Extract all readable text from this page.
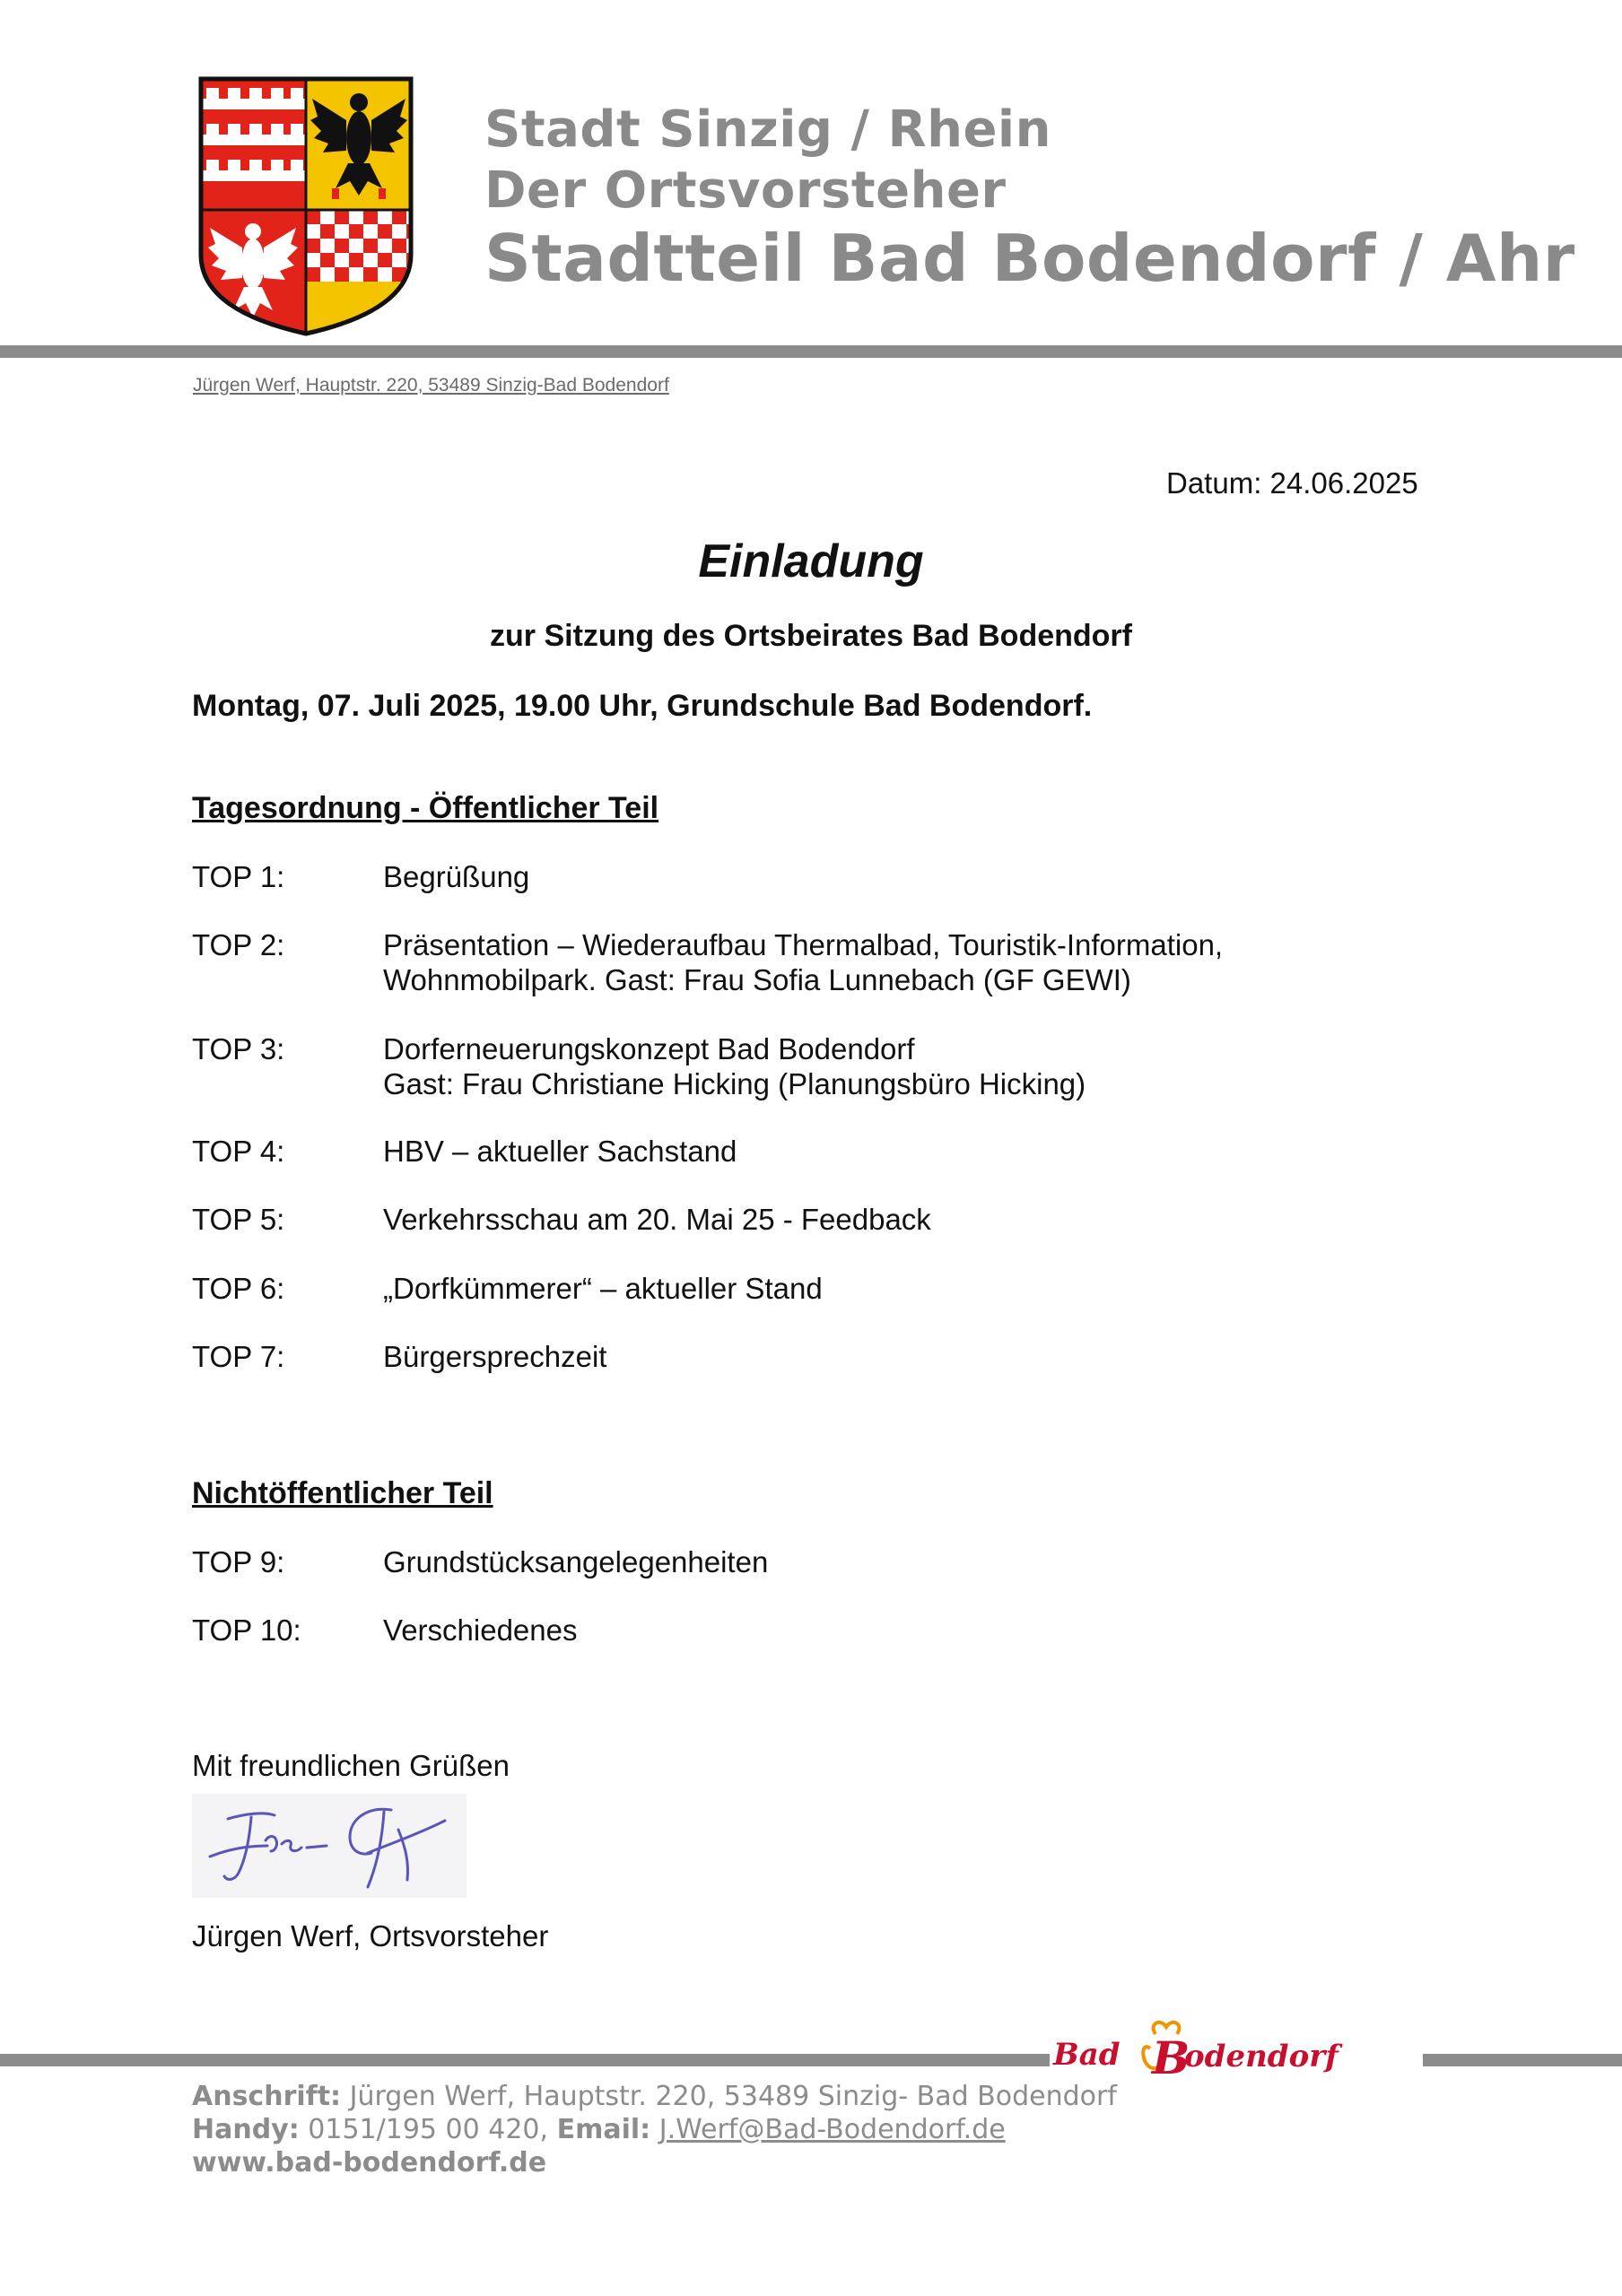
Stadt Sinzig / Rhein
Der Ortsvorsteher
Stadtteil Bad Bodendorf / Ahr
Jürgen Werf, Hauptstr. 220, 53489 Sinzig-Bad Bodendorf
Datum: 24.06.2025
Einladung
zur Sitzung des Ortsbeirates Bad Bodendorf
Montag, 07. Juli 2025, 19.00 Uhr, Grundschule Bad Bodendorf.
Tagesordnung - Öffentlicher Teil
TOP 1:	Begrüßung
TOP 2:	Präsentation – Wiederaufbau Thermalbad, Touristik-Information,
Wohnmobilpark. Gast: Frau Sofia Lunnebach (GF GEWI)
TOP 3:	Dorferneuerungskonzept Bad Bodendorf
Gast: Frau Christiane Hicking (Planungsbüro Hicking)
TOP 4:	HBV – aktueller Sachstand
TOP 5:	Verkehrsschau am 20. Mai 25 - Feedback
TOP 6:	„Dorfkümmerer“ – aktueller Stand
TOP 7:	Bürgersprechzeit
Nichtöffentlicher Teil
TOP 9:	Grundstücksangelegenheiten
TOP 10:	Verschiedenes
Mit freundlichen Grüßen
Jürgen Werf, Ortsvorsteher
Bad B
odendorf
Anschrift: Jürgen Werf, Hauptstr. 220, 53489 Sinzig- Bad Bodendorf
Handy: 0151/195 00 420, Email: J.Werf@Bad-Bodendorf.de
www.bad-bodendorf.de
